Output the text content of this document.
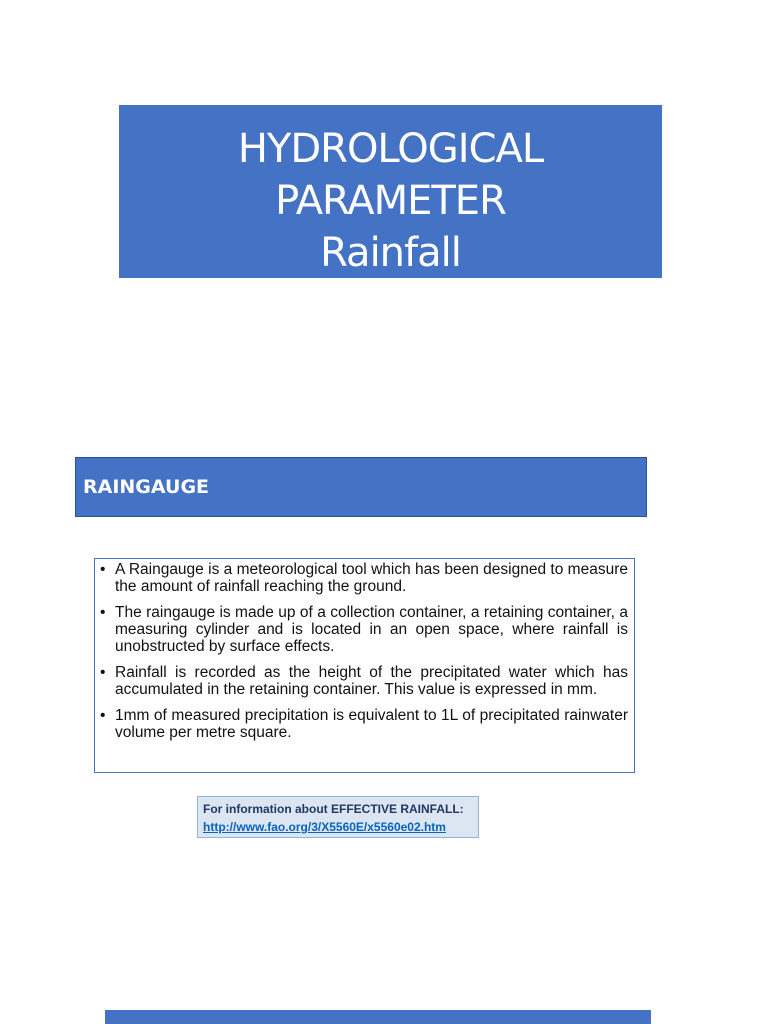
HYDROLOGICAL
PARAMETER
Rainfall
RAINGAUGE
• A Raingauge is a meteorological tool which has been designed to measure the amount of rainfall reaching the ground.
• The raingauge is made up of a collection container, a retaining container, a measuring cylinder and is located in an open space, where rainfall is unobstructed by surface effects.
• Rainfall is recorded as the height of the precipitated water which has accumulated in the retaining container. This value is expressed in mm.
• 1mm of measured precipitation is equivalent to 1L of precipitated rainwater volume per metre square.
For information about EFFECTIVE RAINFALL:
http://www.fao.org/3/X5560E/x5560e02.htm
